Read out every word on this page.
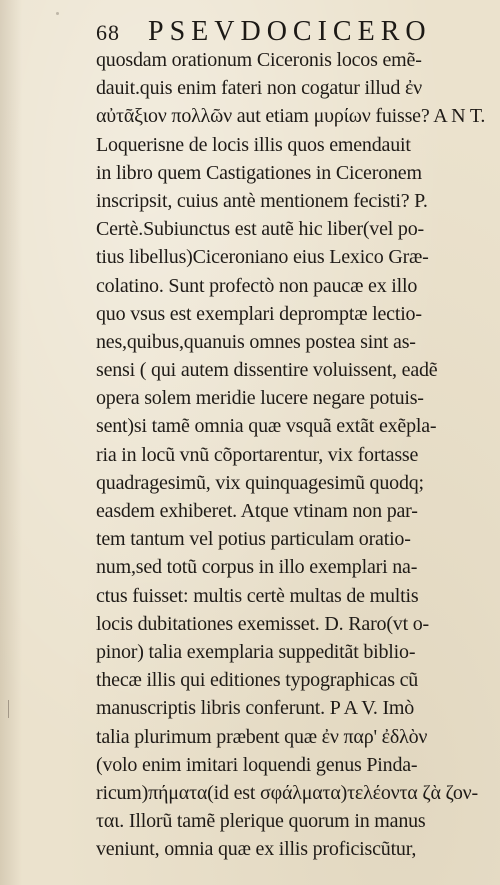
68 PSEVDOCICERO
quosdam orationum Ciceronis locos emẽ-
dauit.quis enim fateri non cogatur illud ἐν
αὐτᾶξιον πολλῶν aut etiam μυρίων fuisse? A N T.
Loquerisne de locis illis quos emendauit
in libro quem Castigationes in Ciceronem
inscripsit, cuius antè mentionem fecisti? P.
Certè.Subiunctus est autẽ hic liber(vel po-
tius libellus)Ciceroniano eius Lexico Græ-
colatino. Sunt profectò non paucæ ex illo
quo vsus est exemplari depromptæ lectio-
nes,quibus,quanuis omnes postea sint as-
sensi ( qui autem dissentire voluissent, eadẽ
opera solem meridie lucere negare potuis-
sent)si tamẽ omnia quæ vsquã extãt exẽpla-
ria in locũ vnũ cõportarentur, vix fortasse
quadragesimũ, vix quinquagesimũ quodq;
easdem exhiberet. Atque vtinam non par-
tem tantum vel potius particulam oratio-
num,sed totũ corpus in illo exemplari na-
ctus fuisset: multis certè multas de multis
locis dubitationes exemisset. D. Raro(vt o-
pinor) talia exemplaria suppeditãt biblio-
thecæ illis qui editiones typographicas cũ
manuscriptis libris conferunt. P A V. Imò
talia plurimum præbent quæ ἐν παρ' ἐδλὸν
(volo enim imitari loquendi genus Pinda-
ricum)πήματα(id est σφάλματα)τελέοντα ζὰ ζον-
ται. Illorũ tamẽ plerique quorum in manus
veniunt, omnia quæ ex illis proficiscũtur,
